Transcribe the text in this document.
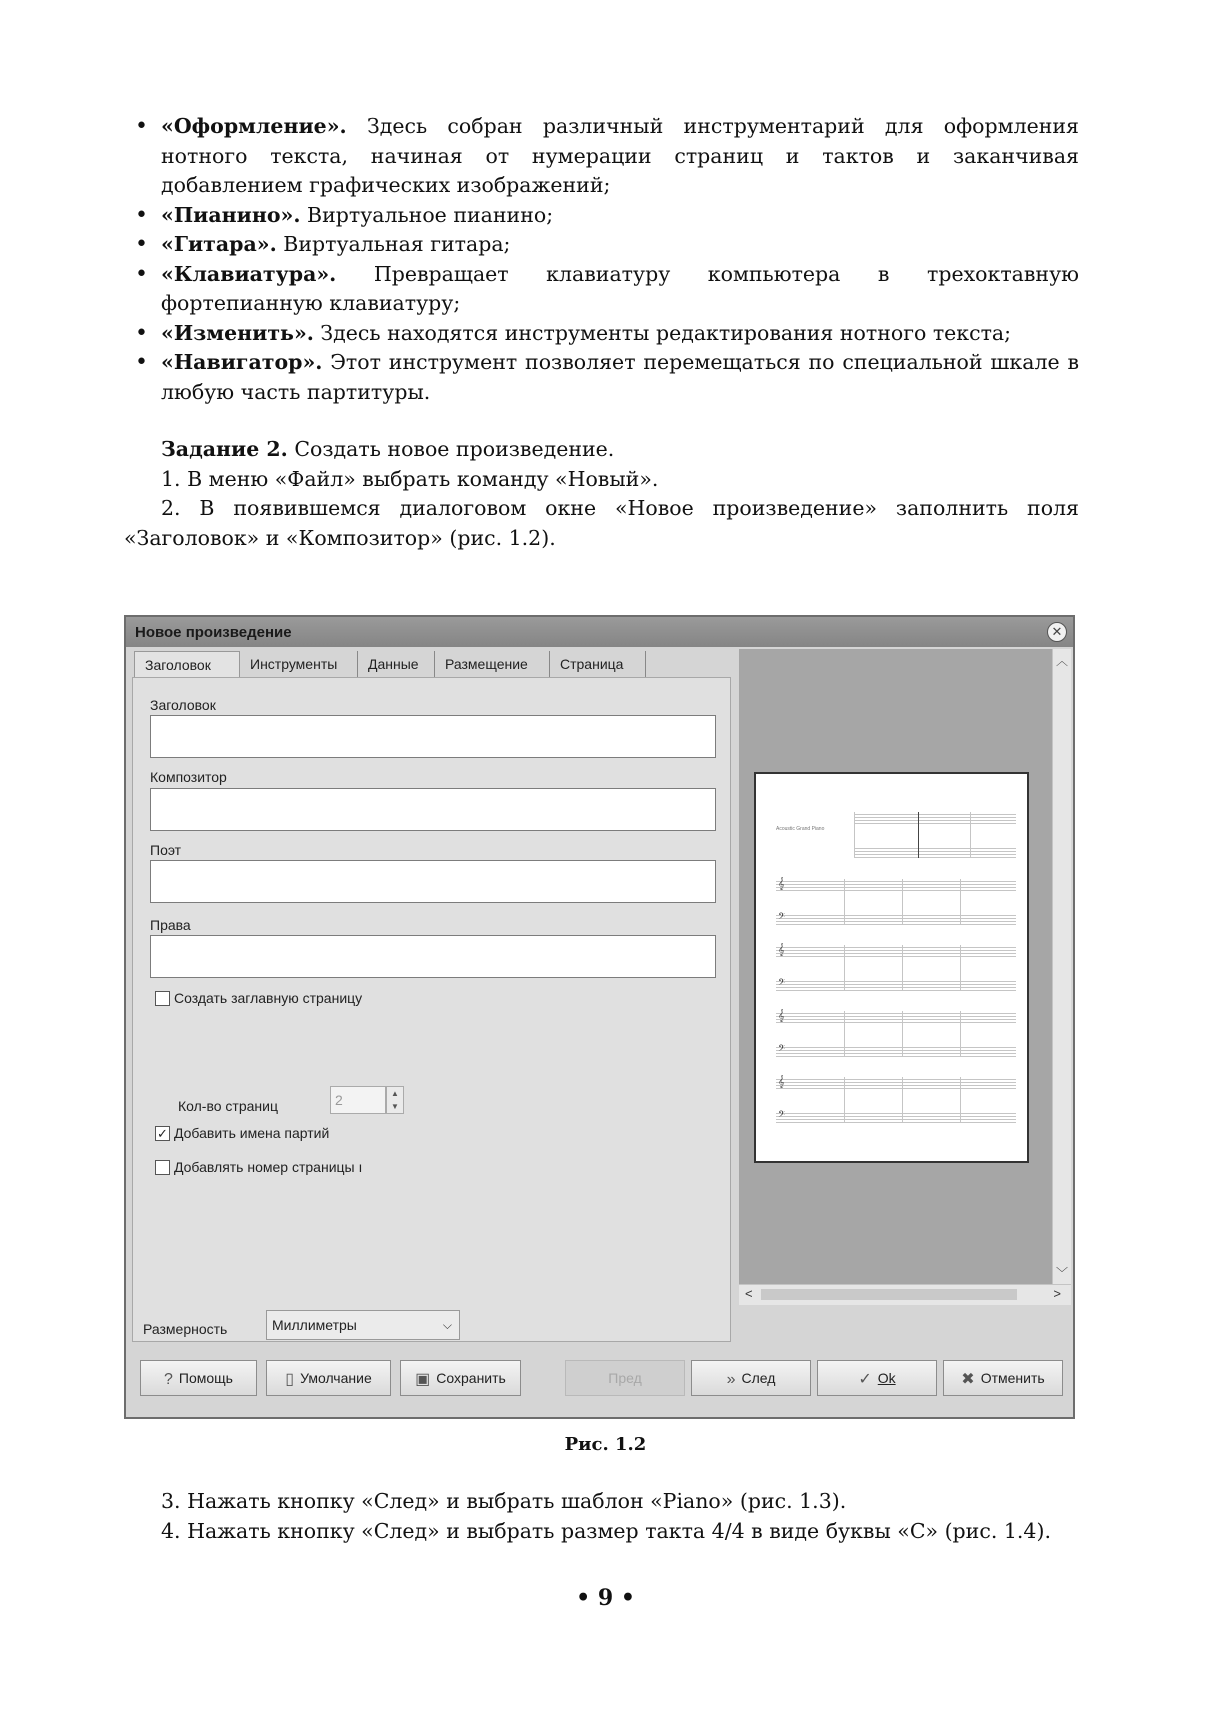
• «Оформление». Здесь собран различный инструментарий для оформления нотного текста, начиная от нумерации страниц и тактов и заканчивая добавлением графических изображений;
• «Пианино». Виртуальное пианино;
• «Гитара». Виртуальная гитара;
• «Клавиатура». Превращает клавиатуру компьютера в трехоктавную фортепианную клавиатуру;
• «Изменить». Здесь находятся инструменты редактирования нотного текста;
• «Навигатор». Этот инструмент позволяет перемещаться по специальной шкале в любую часть партитуры.

Задание 2. Создать новое произведение.

1. В меню «Файл» выбрать команду «Новый».

2. В появившемся диалоговом окне «Новое произведение» заполнить поля «Заголовок» и «Композитор» (рис. 1.2).

Новое произведение	✕
Заголовок	Инструменты	Данные	Размещение	Страница
Заголовок
Композитор
Поэт
Права
Создать заглавную страницу
Кол-во страниц	2	▲
▼
✓ Добавить имена партий
Добавлять номер страницы ı
Acoustic Grand Piano
𝄞
𝄢
𝄞
𝄢
𝄞
𝄢
𝄞
𝄢
︿
﹀
<	>
Размерность	Миллиметры	⌵
? Помощь	▯ Умолчание	▣ Сохранить	Пред	» След	✓ Ok	✖ Отменить
Рис. 1.2

3. Нажать кнопку «След» и выбрать шаблон «Piano» (рис. 1.3).

4. Нажать кнопку «След» и выбрать размер такта 4/4 в виде буквы «С» (рис. 1.4).

• 9 •
